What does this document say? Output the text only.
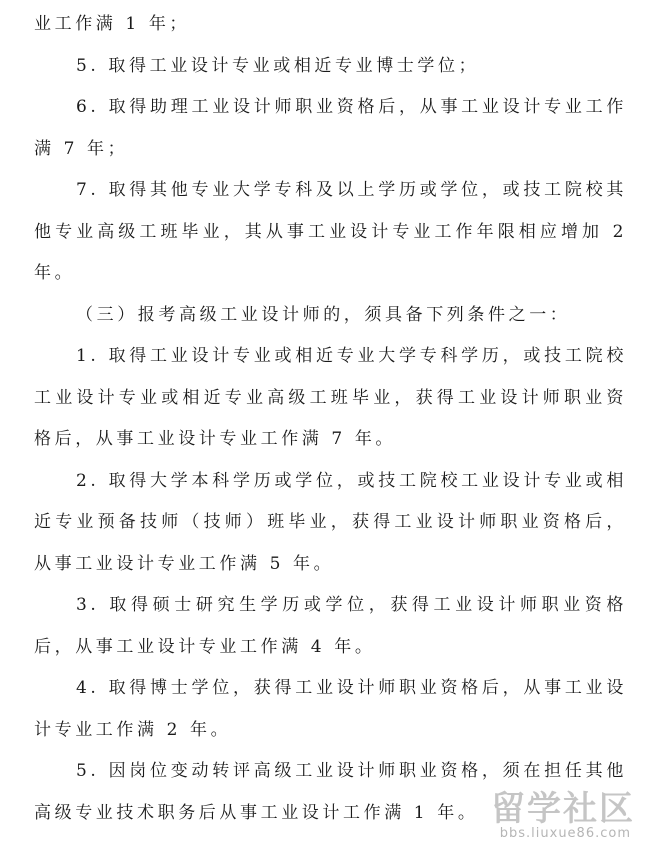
业工作满 1 年；

5. 取得工业设计专业或相近专业博士学位；

6. 取得助理工业设计师职业资格后，从事工业设计专业工作满 7 年；

7. 取得其他专业大学专科及以上学历或学位，或技工院校其他专业高级工班毕业，其从事工业设计专业工作年限相应增加 2 年。

（三）报考高级工业设计师的，须具备下列条件之一：

1. 取得工业设计专业或相近专业大学专科学历，或技工院校工业设计专业或相近专业高级工班毕业，获得工业设计师职业资格后，从事工业设计专业工作满 7 年。

2. 取得大学本科学历或学位，或技工院校工业设计专业或相近专业预备技师（技师）班毕业，获得工业设计师职业资格后，从事工业设计专业工作满 5 年。

3. 取得硕士研究生学历或学位，获得工业设计师职业资格后，从事工业设计专业工作满 4 年。

4. 取得博士学位，获得工业设计师职业资格后，从事工业设计专业工作满 2 年。

5. 因岗位变动转评高级工业设计师职业资格，须在担任其他高级专业技术职务后从事工业设计工作满 1 年。 留学社区
bbs.liuxue86.com
